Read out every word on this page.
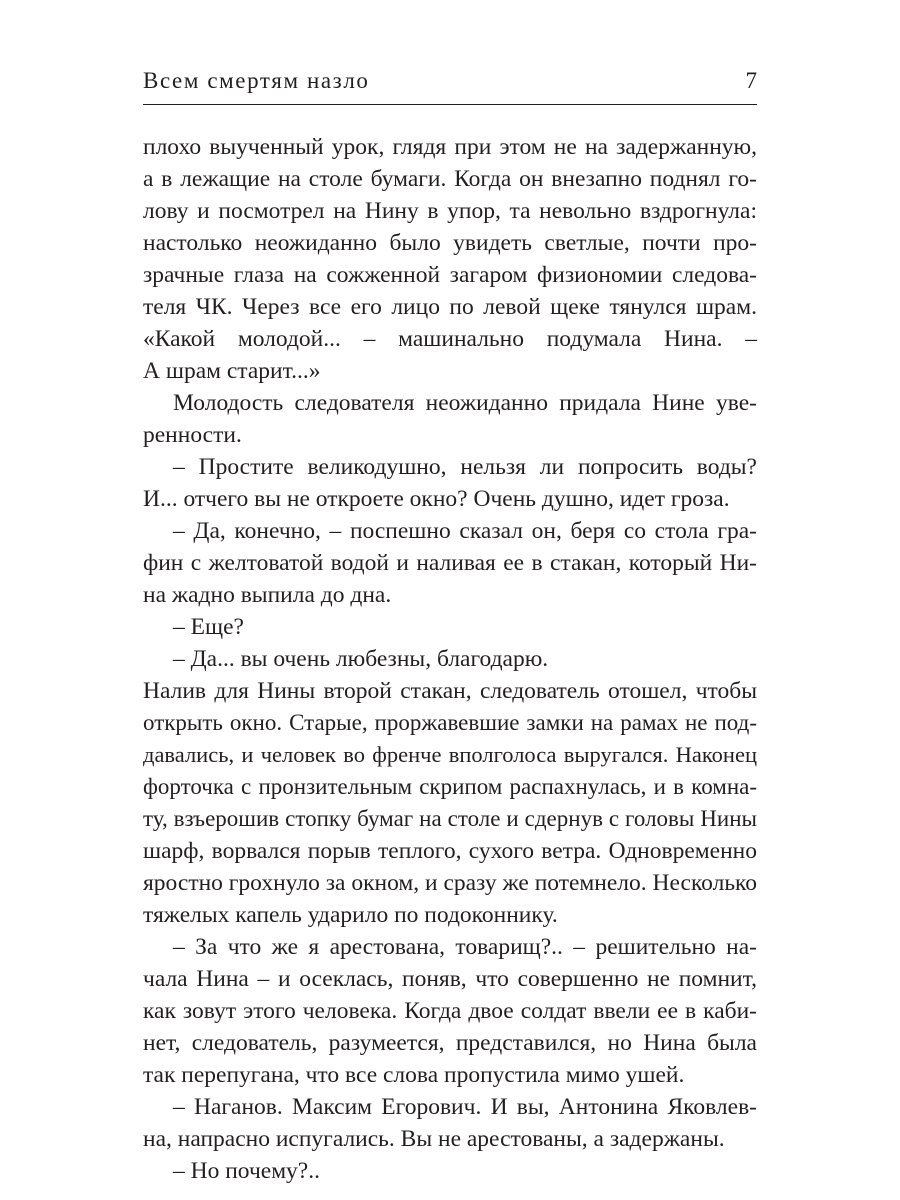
Всем смертям назло	7
плохо выученный урок, глядя при этом не на задержанную,
а в лежащие на столе бумаги. Когда он внезапно поднял го-
лову и посмотрел на Нину в упор, та невольно вздрогнула:
настолько неожиданно было увидеть светлые, почти про-
зрачные глаза на сожженной загаром физиономии следова-
теля ЧК. Через все его лицо по левой щеке тянулся шрам.
«Какой молодой... – машинально подумала Нина. –
А шрам старит...»
Молодость следователя неожиданно придала Нине уве-
ренности.
– Простите великодушно, нельзя ли попросить воды?
И... отчего вы не откроете окно? Очень душно, идет гроза.
– Да, конечно, – поспешно сказал он, беря со стола гра-
фин с желтоватой водой и наливая ее в стакан, который Ни-
на жадно выпила до дна.
– Еще?
– Да... вы очень любезны, благодарю.
Налив для Нины второй стакан, следователь отошел, чтобы
открыть окно. Старые, проржавевшие замки на рамах не под-
давались, и человек во френче вполголоса выругался. Наконец
форточка с пронзительным скрипом распахнулась, и в комна-
ту, взъерошив стопку бумаг на столе и сдернув с головы Нины
шарф, ворвался порыв теплого, сухого ветра. Одновременно
яростно грохнуло за окном, и сразу же потемнело. Несколько
тяжелых капель ударило по подоконнику.
– За что же я арестована, товарищ?.. – решительно на-
чала Нина – и осеклась, поняв, что совершенно не помнит,
как зовут этого человека. Когда двое солдат ввели ее в каби-
нет, следователь, разумеется, представился, но Нина была
так перепугана, что все слова пропустила мимо ушей.
– Наганов. Максим Егорович. И вы, Антонина Яковлев-
на, напрасно испугались. Вы не арестованы, а задержаны.
– Но почему?..
